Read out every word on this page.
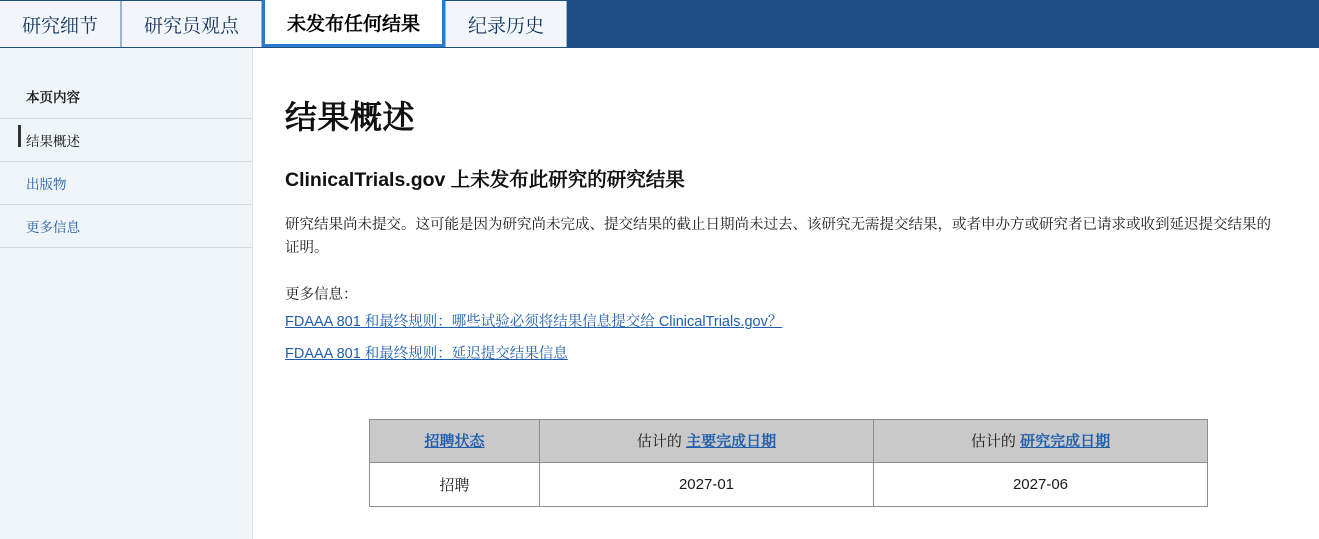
研究细节 研究员观点	未发布任何结果	纪录历史
本页内容
结果概述
出版物
更多信息
结果概述
ClinicalTrials.gov 上未发布此研究的研究结果

研究结果尚未提交。这可能是因为研究尚未完成、提交结果的截止日期尚未过去、该研究无需提交结果，或者申办方或研究者已请求或收到延迟提交结果的证明。

更多信息：
FDAAA 801 和最终规则：哪些试验必须将结果信息提交给 ClinicalTrials.gov？
FDAAA 801 和最终规则：延迟提交结果信息
招聘状态	估计的 主要完成日期	估计的 研究完成日期
招聘	2027-01	2027-06
